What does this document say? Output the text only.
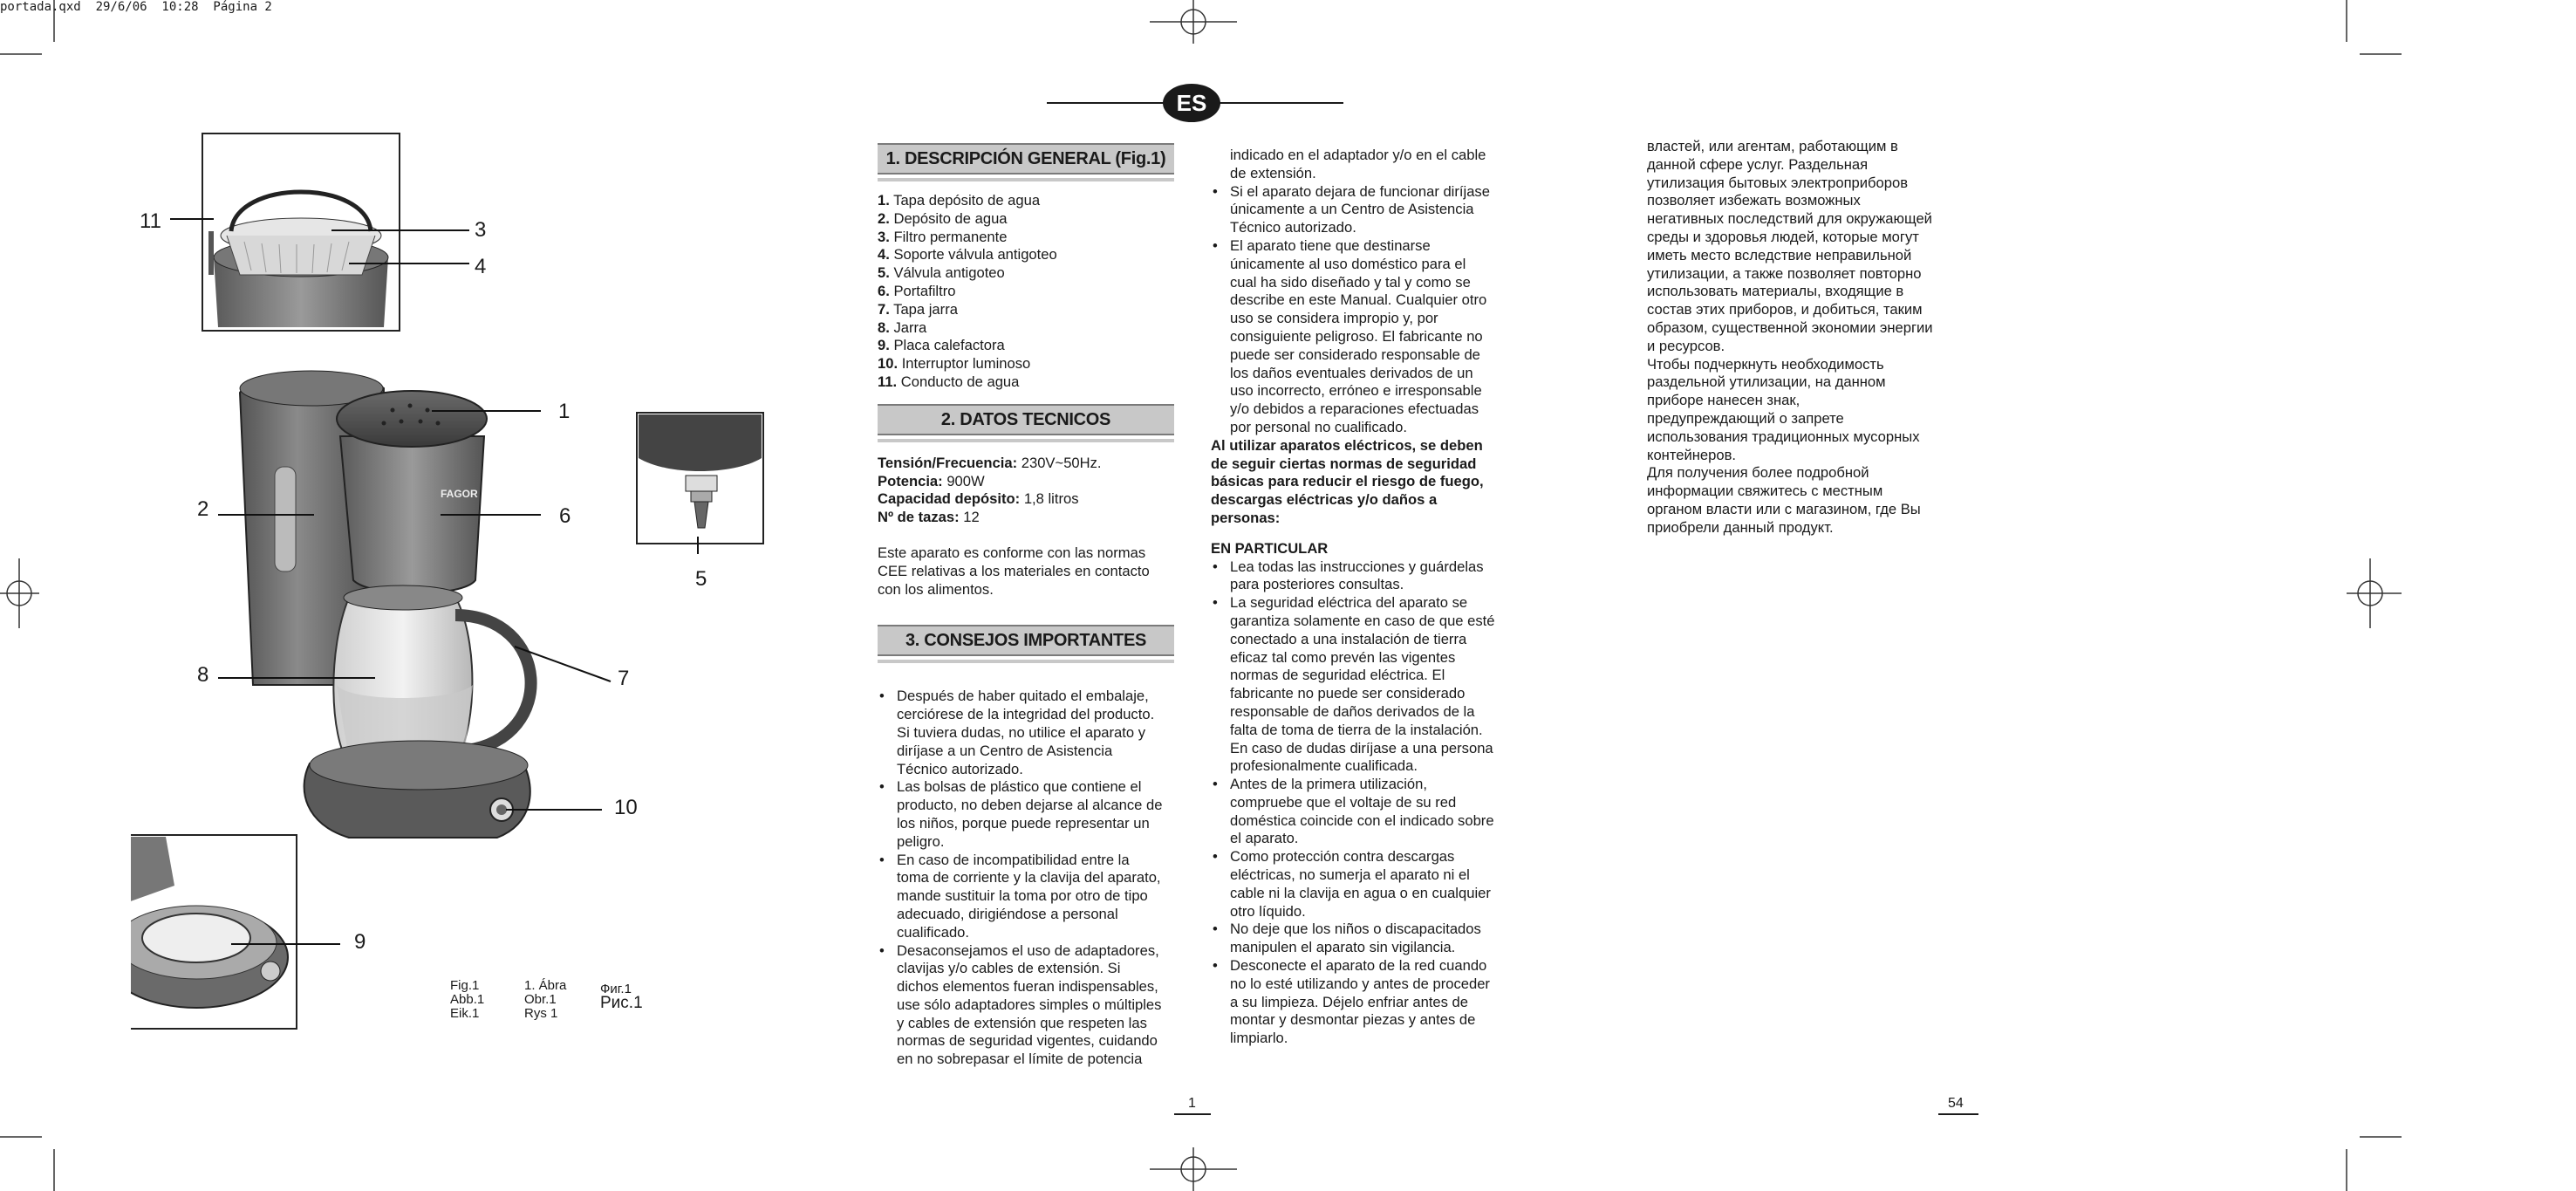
portada.qxd  29/6/06  10:28  Página 2
ES
FAGOR
1
2
3
4
5
6
7
8
9
10
11
Fig.1
Abb.1
Eik.1
1. Ábra
Obr.1
Rys 1
Фиг.1
Рис.1
1. DESCRIPCIÓN GENERAL (Fig.1)
1. Tapa depósito de agua
2. Depósito de agua
3. Filtro permanente
4. Soporte válvula antigoteo
5. Válvula antigoteo
6. Portafiltro
7. Tapa jarra
8. Jarra
9. Placa calefactora
10. Interruptor luminoso
11. Conducto de agua
2. DATOS TECNICOS
Tensión/Frecuencia: 230V~50Hz.
Potencia: 900W
Capacidad depósito: 1,8 litros
Nº de tazas: 12
Este aparato es conforme con las normas
CEE relativas a los materiales en contacto
con los alimentos.
3. CONSEJOS IMPORTANTES
• Después de haber quitado el embalaje,
cerciórese de la integridad del producto.
Si tuviera dudas, no utilice el aparato y
diríjase a un Centro de Asistencia
Técnico autorizado.
• Las bolsas de plástico que contiene el
producto, no deben dejarse al alcance de
los niños, porque puede representar un
peligro.
• En caso de incompatibilidad entre la
toma de corriente y la clavija del aparato,
mande sustituir la toma por otro de tipo
adecuado, dirigiéndose a personal
cualificado.
• Desaconsejamos el uso de adaptadores,
clavijas y/o cables de extensión. Si
dichos elementos fueran indispensables,
use sólo adaptadores simples o múltiples
y cables de extensión que respeten las
normas de seguridad vigentes, cuidando
en no sobrepasar el límite de potencia
indicado en el adaptador y/o en el cable
de extensión.
• Si el aparato dejara de funcionar diríjase
únicamente a un Centro de Asistencia
Técnico autorizado.
• El aparato tiene que destinarse
únicamente al uso doméstico para el
cual ha sido diseñado y tal y como se
describe en este Manual. Cualquier otro
uso se considera impropio y, por
consiguiente peligroso. El fabricante no
puede ser considerado responsable de
los daños eventuales derivados de un
uso incorrecto, erróneo e irresponsable
y/o debidos a reparaciones efectuadas
por personal no cualificado.
Al utilizar aparatos eléctricos, se deben
de seguir ciertas normas de seguridad
básicas para reducir el riesgo de fuego,
descargas eléctricas y/o daños a
personas:
EN PARTICULAR
• Lea todas las instrucciones y guárdelas
para posteriores consultas.
• La seguridad eléctrica del aparato se
garantiza solamente en caso de que esté
conectado a una instalación de tierra
eficaz tal como prevén las vigentes
normas de seguridad eléctrica. El
fabricante no puede ser considerado
responsable de daños derivados de la
falta de toma de tierra de la instalación.
En caso de dudas diríjase a una persona
profesionalmente cualificada.
• Antes de la primera utilización,
compruebe que el voltaje de su red
doméstica coincide con el indicado sobre
el aparato.
• Como protección contra descargas
eléctricas, no sumerja el aparato ni el
cable ni la clavija en agua o en cualquier
otro líquido.
• No deje que los niños o discapacitados
manipulen el aparato sin vigilancia.
• Desconecte el aparato de la red cuando
no lo esté utilizando y antes de proceder
a su limpieza. Déjelo enfriar antes de
montar y desmontar piezas y antes de
limpiarlo.
властей, или агентам, работающим в
данной сфере услуг. Раздельная
утилизация бытовых электроприборов
позволяет избежать возможных
негативных последствий для окружающей
среды и здоровья людей, которые могут
иметь место вследствие неправильной
утилизации, а также позволяет повторно
использовать материалы, входящие в
состав этих приборов, и добиться, таким
образом, существенной экономии энергии
и ресурсов.
Чтобы подчеркнуть необходимость
раздельной утилизации, на данном
приборе нанесен знак,
предупреждающий о запрете
использования традиционных мусорных
контейнеров.
Для получения более подробной
информации свяжитесь с местным
органом власти или с магазином, где Вы
приобрели данный продукт.
1	54
